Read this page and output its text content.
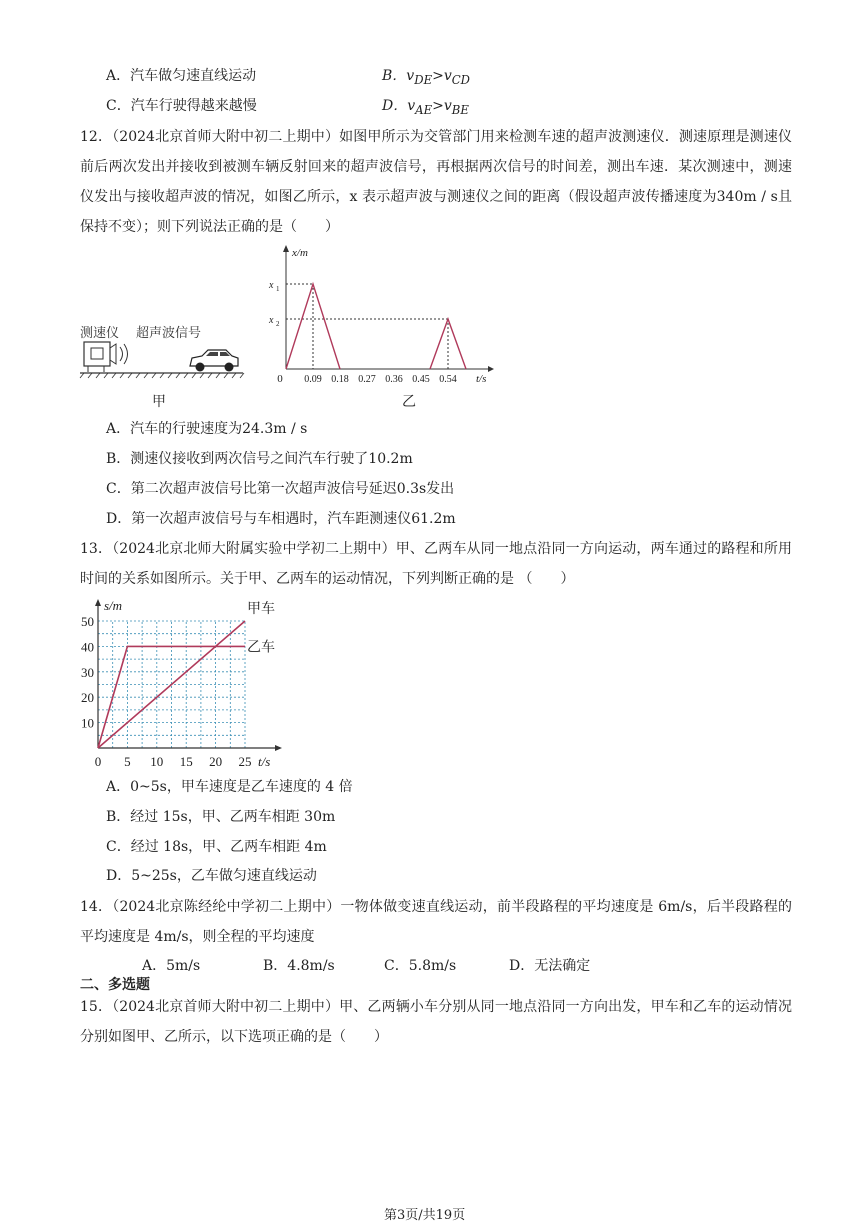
A．汽车做匀速直线运动	B．$v_{DE}>v_{CD}$
C．汽车行驶得越来越慢	D．$v_{AE}>v_{BE}$
12．（2024北京首师大附中初二上期中）如图甲所示为交管部门用来检测车速的超声波测速仪．测速原理是测速仪前后两次发出并接收到被测车辆反射回来的超声波信号，再根据两次信号的时间差，测出车速．某次测速中，测速仪发出与接收超声波的情况，如图乙所示，x 表示超声波与测速仪之间的距离（假设超声波传播速度为340m / s且保持不变）；则下列说法正确的是（　　）
测速仪 超声波信号
甲
x/m
t/s
0
x 1
x 2
0.09 0.18 0.27 0.36 0.45 0.54
乙
A．汽车的行驶速度为24.3m / s
B．测速仪接收到两次信号之间汽车行驶了10.2m
C．第二次超声波信号比第一次超声波信号延迟0.3s发出
D．第一次超声波信号与车相遇时，汽车距测速仪61.2m
13．（2024北京北师大附属实验中学初二上期中）甲、乙两车从同一地点沿同一方向运动，两车通过的路程和所用时间的关系如图所示。关于甲、乙两车的运动情况，下列判断正确的是 （　　）
s/m
t/s
10
20
30
40
50
0 5 10 15 20 25
甲车
乙车
A．0~5s，甲车速度是乙车速度的 4 倍
B．经过 15s，甲、乙两车相距 30m
C．经过 18s，甲、乙两车相距 4m
D．5~25s，乙车做匀速直线运动
14．（2024北京陈经纶中学初二上期中）一物体做变速直线运动，前半段路程的平均速度是 6m/s，后半段路程的平均速度是 4m/s，则全程的平均速度
A．5m/s	B．4.8m/s	C．5.8m/s	D．无法确定
二、多选题
15．（2024北京首师大附中初二上期中）甲、乙两辆小车分别从同一地点沿同一方向出发，甲车和乙车的运动情况分别如图甲、乙所示，以下选项正确的是（　　）
第3页/共19页
